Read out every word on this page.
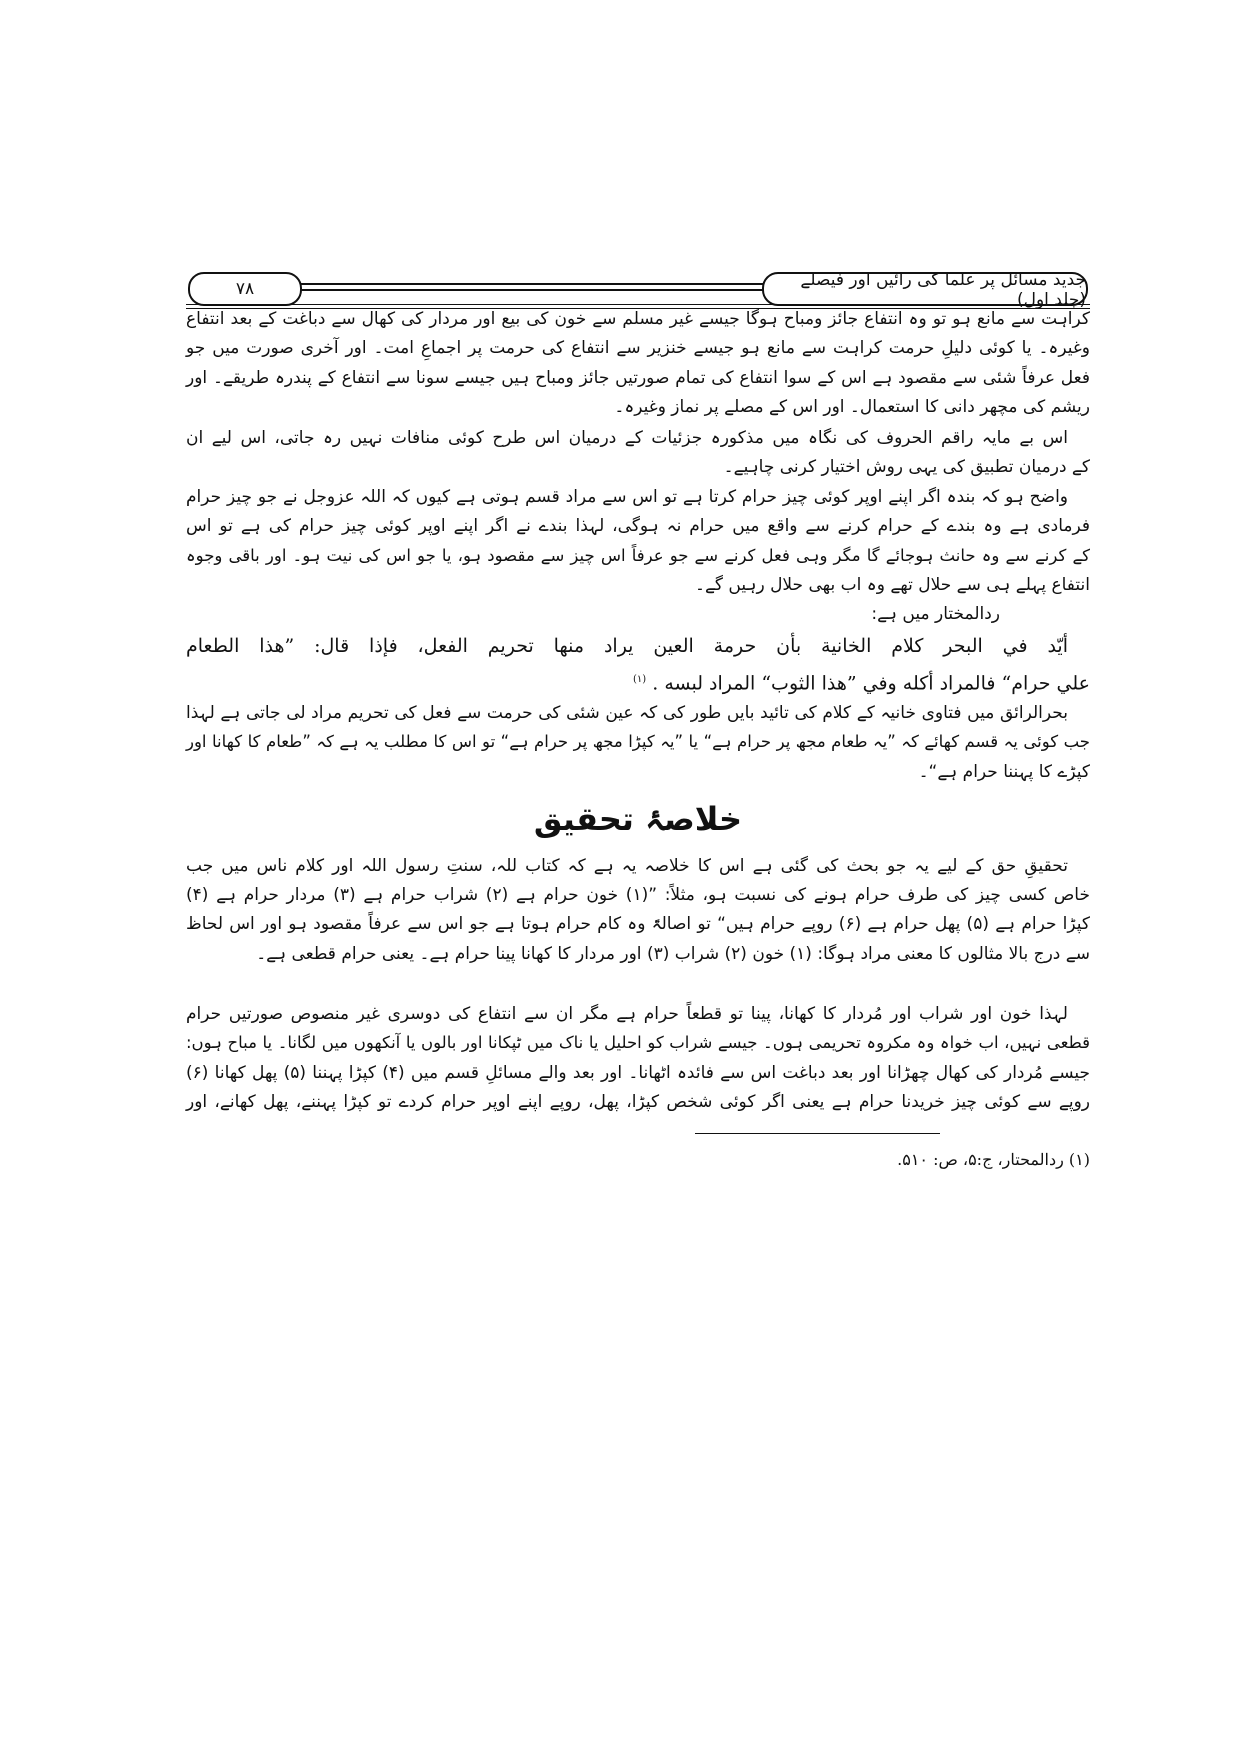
۷۸	جدید مسائل پر علما کی رائیں اور فیصلے (جلد اول)
کراہت سے مانع ہو تو وہ انتفاع جائز ومباح ہوگا جیسے غیر مسلم سے خون کی بیع اور مردار کی کھال سے دباغت کے بعد انتفاع
وغیرہ۔ یا کوئی دلیلِ حرمت کراہت سے مانع ہو جیسے خنزیر سے انتفاع کی حرمت پر اجماعِ امت۔ اور آخری صورت میں جو
فعل عرفاً شئی سے مقصود ہے اس کے سوا انتفاع کی تمام صورتیں جائز ومباح ہیں جیسے سونا سے انتفاع کے پندرہ طریقے۔ اور
ریشم کی مچھر دانی کا استعمال۔ اور اس کے مصلے پر نماز وغیرہ۔
اس بے مایہ راقم الحروف کی نگاہ میں مذکورہ جزئیات کے درمیان اس طرح کوئی منافات نہیں رہ جاتی، اس لیے ان
کے درمیان تطبیق کی یہی روش اختیار کرنی چاہیے۔
واضح ہو کہ بندہ اگر اپنے اوپر کوئی چیز حرام کرتا ہے تو اس سے مراد قسم ہوتی ہے کیوں کہ اللہ عزوجل نے جو چیز حرام
فرمادی ہے وہ بندے کے حرام کرنے سے واقع میں حرام نہ ہوگی، لہذا بندے نے اگر اپنے اوپر کوئی چیز حرام کی ہے تو اس
کے کرنے سے وہ حانث ہوجائے گا مگر وہی فعل کرنے سے جو عرفاً اس چیز سے مقصود ہو، یا جو اس کی نیت ہو۔ اور باقی وجوہ
انتفاع پہلے ہی سے حلال تھے وہ اب بھی حلال رہیں گے۔
ردالمختار میں ہے:
أيّد في البحر كلام الخانية بأن حرمة العين يراد منها تحريم الفعل، فإذا قال: ”هذا الطعام
علي حرام“ فالمراد أكله وفي ”هذا الثوب“ المراد لبسه . $^{(١)}$
بحرالرائق میں فتاوی خانیہ کے کلام کی تائید بایں طور کی کہ عین شئی کی حرمت سے فعل کی تحریم مراد لی جاتی ہے لہذا
جب کوئی یہ قسم کھائے کہ ”یہ طعام مجھ پر حرام ہے“ یا ”یہ کپڑا مجھ پر حرام ہے“ تو اس کا مطلب یہ ہے کہ ”طعام کا کھانا اور
کپڑے کا پہننا حرام ہے“۔
خلاصۂ تحقیق
تحقیقِ حق کے لیے یہ جو بحث کی گئی ہے اس کا خلاصہ یہ ہے کہ کتاب للہ، سنتِ رسول اللہ اور کلام ناس میں جب
خاص کسی چیز کی طرف حرام ہونے کی نسبت ہو، مثلاً: ”(۱) خون حرام ہے (۲) شراب حرام ہے (۳) مردار حرام ہے (۴)
کپڑا حرام ہے (۵) پھل حرام ہے (۶) روپے حرام ہیں“ تو اصالۃً وہ کام حرام ہوتا ہے جو اس سے عرفاً مقصود ہو اور اس لحاظ
سے درج بالا مثالوں کا معنی مراد ہوگا: (۱) خون (۲) شراب (۳) اور مردار کا کھانا پینا حرام ہے۔ یعنی حرام قطعی ہے۔
لہذا خون اور شراب اور مُردار کا کھانا، پینا تو قطعاً حرام ہے مگر ان سے انتفاع کی دوسری غیر منصوص صورتیں حرام
قطعی نہیں، اب خواہ وہ مکروہ تحریمی ہوں۔ جیسے شراب کو احلیل یا ناک میں ٹپکانا اور بالوں یا آنکھوں میں لگانا۔ یا مباح ہوں:
جیسے مُردار کی کھال چھڑانا اور بعد دباغت اس سے فائدہ اٹھانا۔ اور بعد والے مسائلِ قسم میں (۴) کپڑا پہننا (۵) پھل کھانا (۶)
روپے سے کوئی چیز خریدنا حرام ہے یعنی اگر کوئی شخص کپڑا، پھل، روپے اپنے اوپر حرام کردے تو کپڑا پہننے، پھل کھانے، اور
(۱) ردالمحتار، ج:۵، ص: ۵۱۰.
